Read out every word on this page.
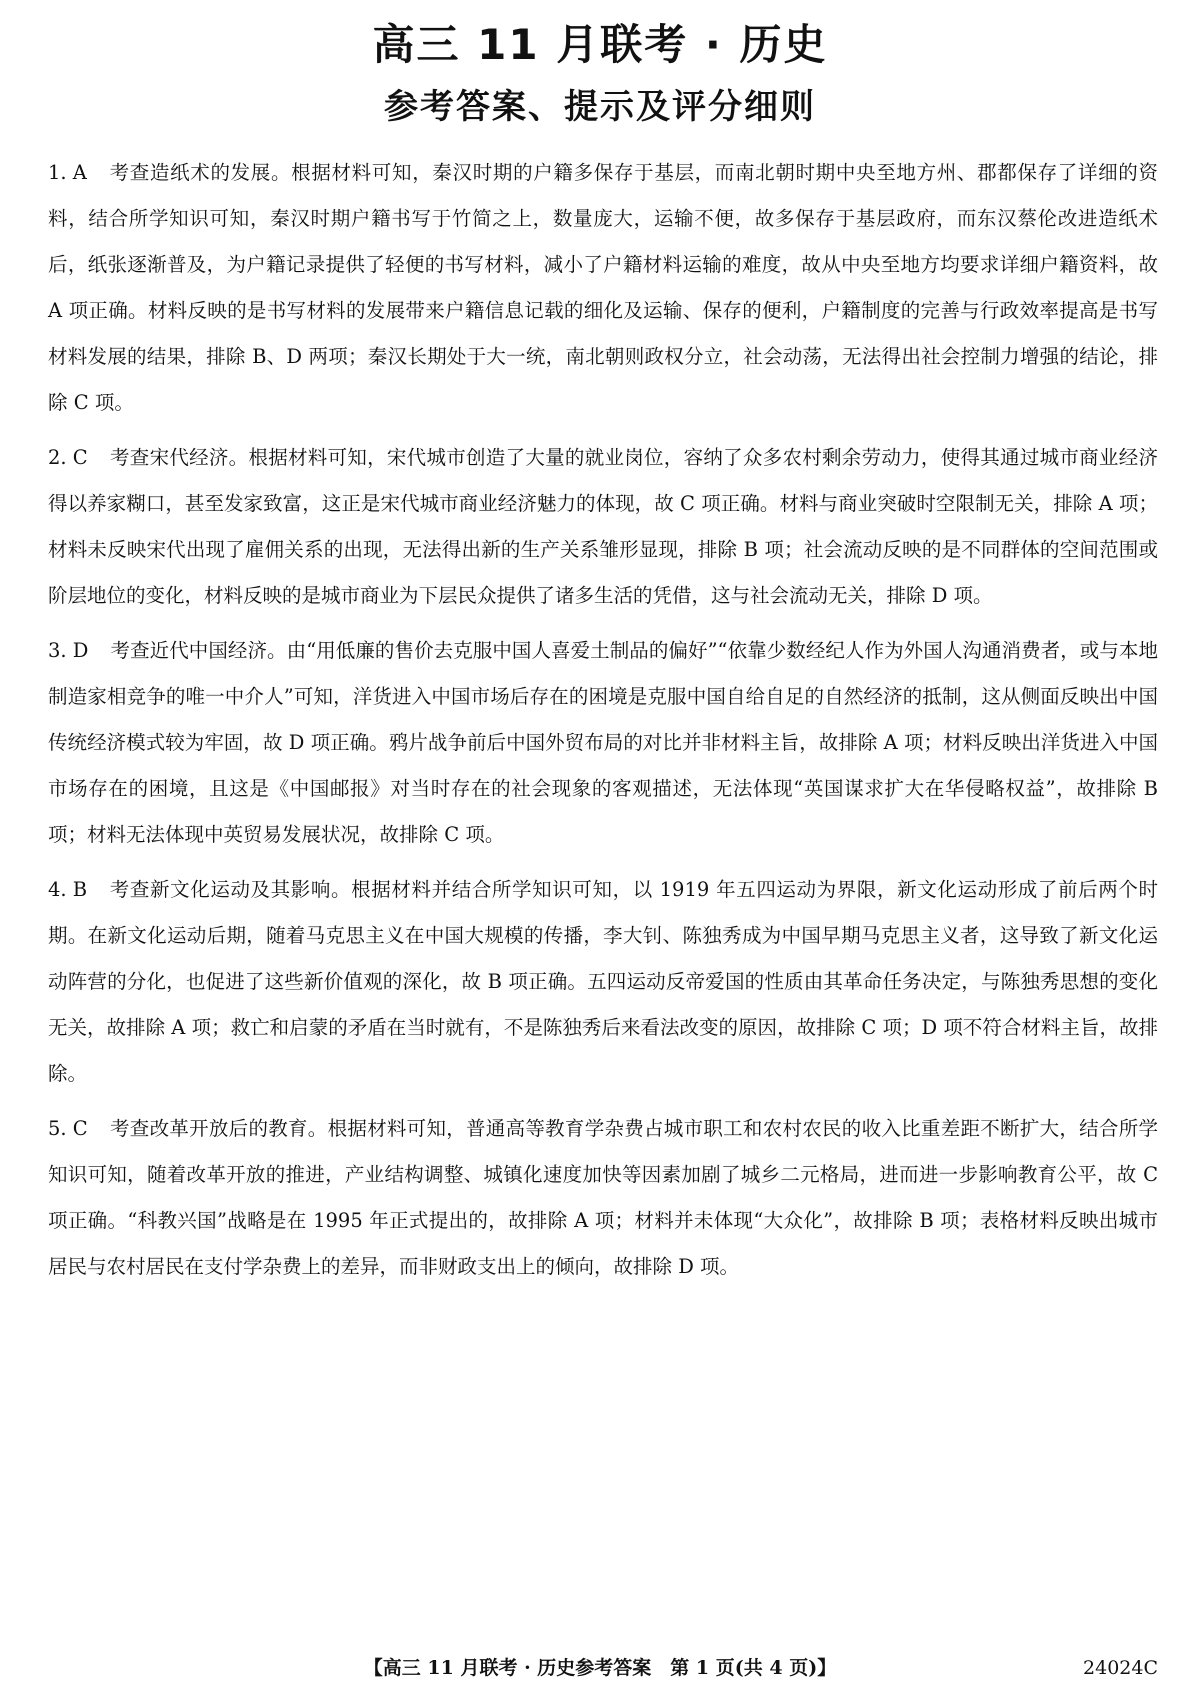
高三 11 月联考 · 历史
参考答案、提示及评分细则

1. A 考查造纸术的发展。根据材料可知，秦汉时期的户籍多保存于基层，而南北朝时期中央至地方州、郡都保存了详细的资料，结合所学知识可知，秦汉时期户籍书写于竹简之上，数量庞大，运输不便，故多保存于基层政府，而东汉蔡伦改进造纸术后，纸张逐渐普及，为户籍记录提供了轻便的书写材料，减小了户籍材料运输的难度，故从中央至地方均要求详细户籍资料，故 A 项正确。材料反映的是书写材料的发展带来户籍信息记载的细化及运输、保存的便利，户籍制度的完善与行政效率提高是书写材料发展的结果，排除 B、D 两项；秦汉长期处于大一统，南北朝则政权分立，社会动荡，无法得出社会控制力增强的结论，排除 C 项。

2. C 考查宋代经济。根据材料可知，宋代城市创造了大量的就业岗位，容纳了众多农村剩余劳动力，使得其通过城市商业经济得以养家糊口，甚至发家致富，这正是宋代城市商业经济魅力的体现，故 C 项正确。材料与商业突破时空限制无关，排除 A 项；材料未反映宋代出现了雇佣关系的出现，无法得出新的生产关系雏形显现，排除 B 项；社会流动反映的是不同群体的空间范围或阶层地位的变化，材料反映的是城市商业为下层民众提供了诸多生活的凭借，这与社会流动无关，排除 D 项。

3. D 考查近代中国经济。由“用低廉的售价去克服中国人喜爱土制品的偏好”“依靠少数经纪人作为外国人沟通消费者，或与本地制造家相竞争的唯一中介人”可知，洋货进入中国市场后存在的困境是克服中国自给自足的自然经济的抵制，这从侧面反映出中国传统经济模式较为牢固，故 D 项正确。鸦片战争前后中国外贸布局的对比并非材料主旨，故排除 A 项；材料反映出洋货进入中国市场存在的困境，且这是《中国邮报》对当时存在的社会现象的客观描述，无法体现“英国谋求扩大在华侵略权益”，故排除 B 项；材料无法体现中英贸易发展状况，故排除 C 项。

4. B 考查新文化运动及其影响。根据材料并结合所学知识可知，以 1919 年五四运动为界限，新文化运动形成了前后两个时期。在新文化运动后期，随着马克思主义在中国大规模的传播，李大钊、陈独秀成为中国早期马克思主义者，这导致了新文化运动阵营的分化，也促进了这些新价值观的深化，故 B 项正确。五四运动反帝爱国的性质由其革命任务决定，与陈独秀思想的变化无关，故排除 A 项；救亡和启蒙的矛盾在当时就有，不是陈独秀后来看法改变的原因，故排除 C 项；D 项不符合材料主旨，故排除。

5. C 考查改革开放后的教育。根据材料可知，普通高等教育学杂费占城市职工和农村农民的收入比重差距不断扩大，结合所学知识可知，随着改革开放的推进，产业结构调整、城镇化速度加快等因素加剧了城乡二元格局，进而进一步影响教育公平，故 C 项正确。“科教兴国”战略是在 1995 年正式提出的，故排除 A 项；材料并未体现“大众化”，故排除 B 项；表格材料反映出城市居民与农村居民在支付学杂费上的差异，而非财政支出上的倾向，故排除 D 项。

【高三 11 月联考 · 历史参考答案　第 1 页(共 4 页)】	24024C
